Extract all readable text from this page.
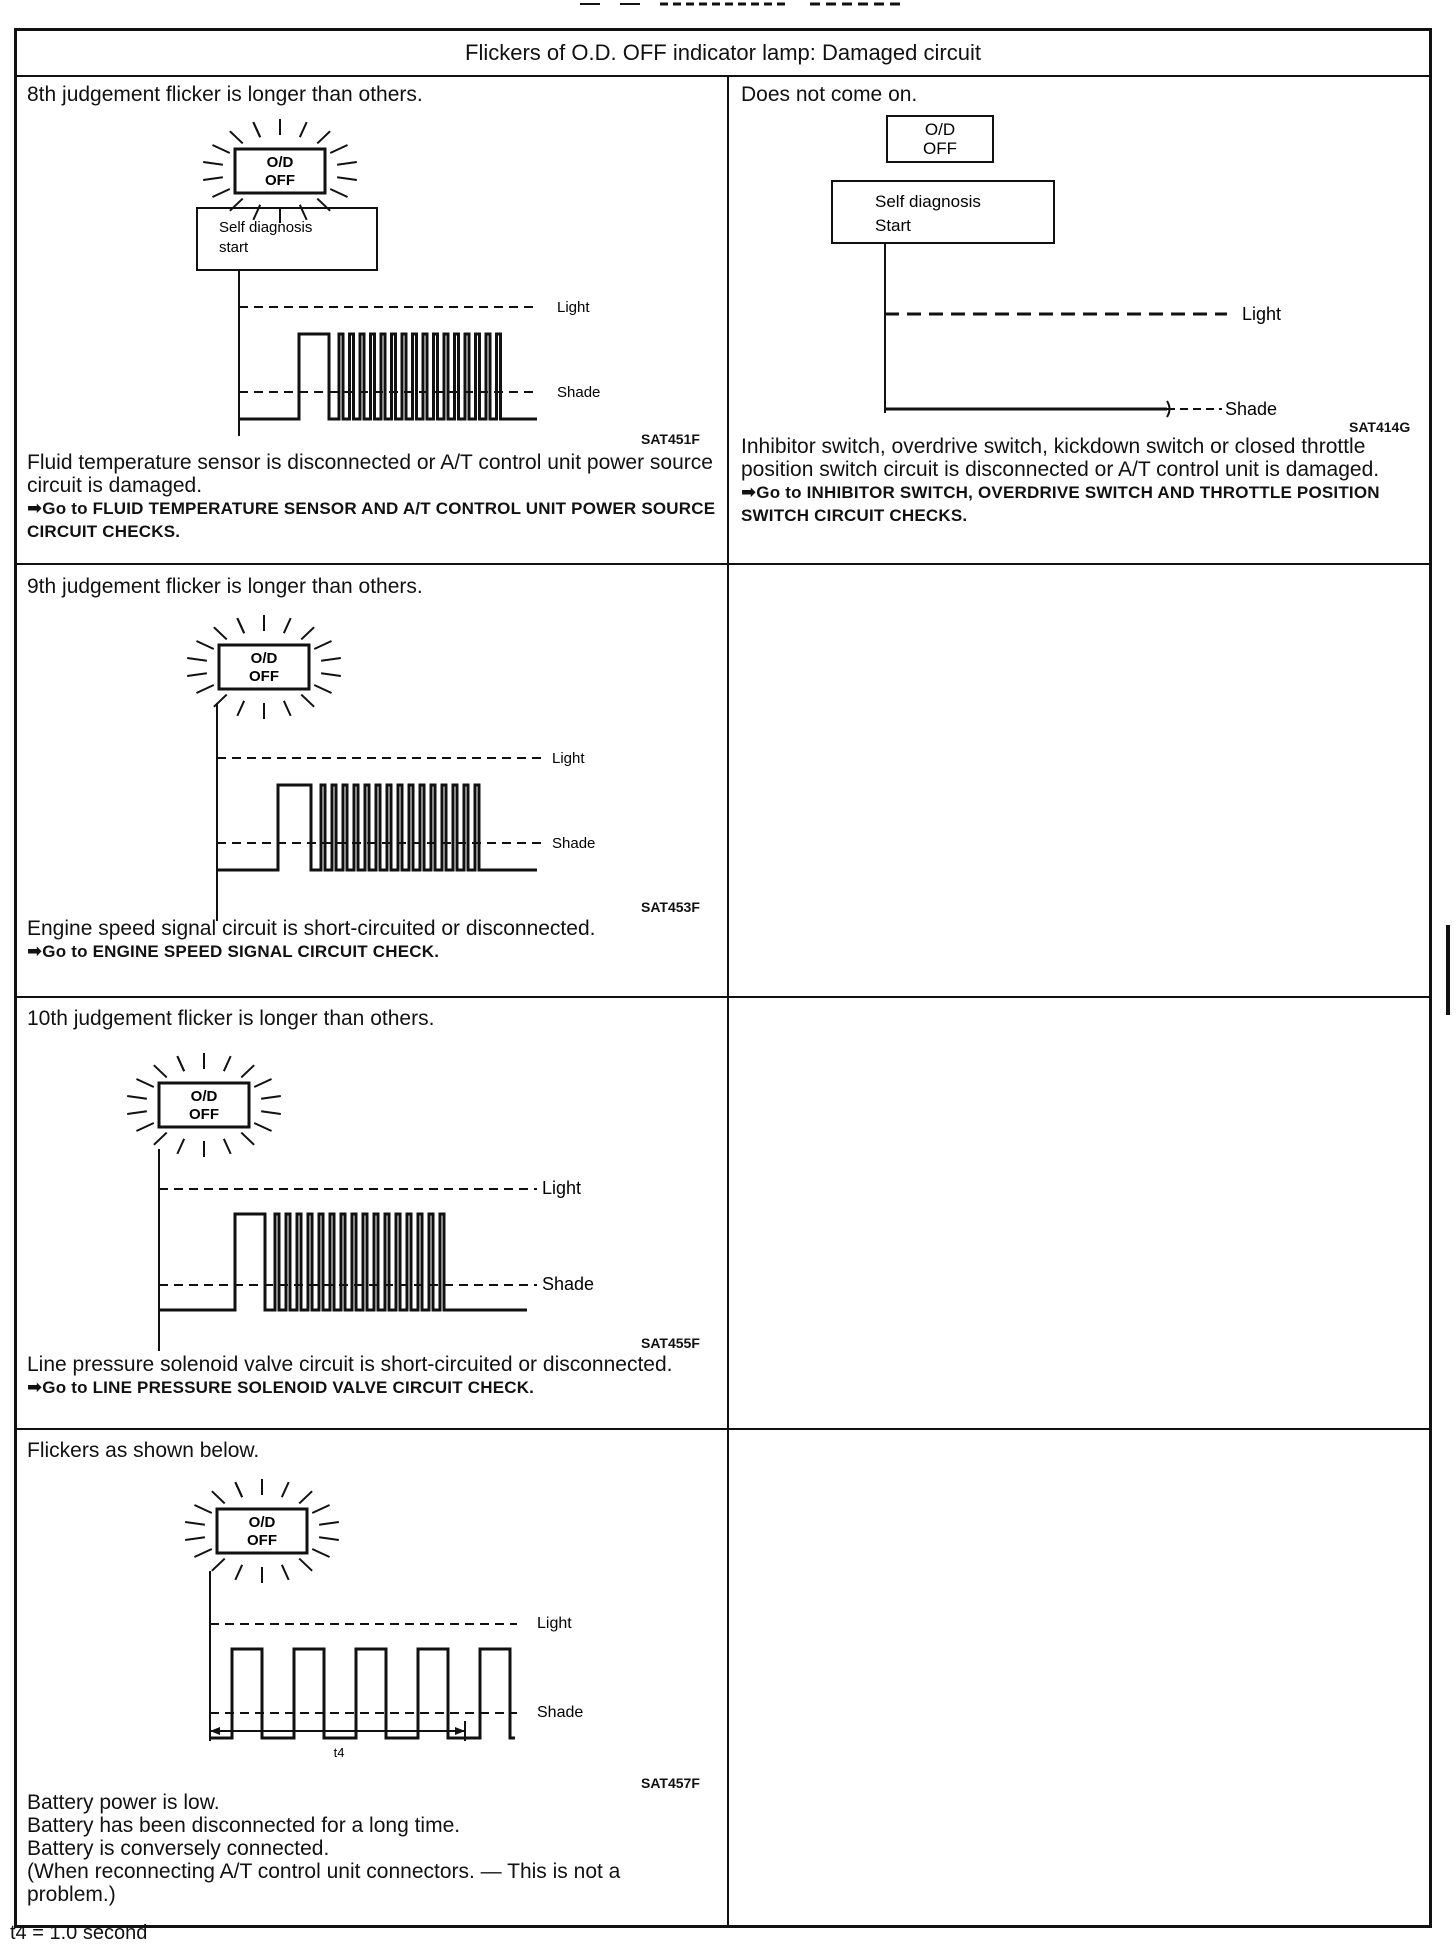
Flickers of O.D. OFF indicator lamp: Damaged circuit
8th judgement flicker is longer than others.
O/D
OFF
Self diagnosis
start
Light
Shade
SAT451F
Fluid temperature sensor is disconnected or A/T control unit power source circuit is damaged.
➡Go to FLUID TEMPERATURE SENSOR AND A/T CONTROL UNIT POWER SOURCE CIRCUIT CHECKS.
Does not come on.
O/D
OFF
Self diagnosis
Start
Light
Shade
SAT414G
Inhibitor switch, overdrive switch, kickdown switch or closed throttle position switch circuit is disconnected or A/T control unit is damaged.
➡Go to INHIBITOR SWITCH, OVERDRIVE SWITCH AND THROTTLE POSITION SWITCH CIRCUIT CHECKS.
9th judgement flicker is longer than others.
O/D
OFF
Light
Shade
SAT453F
Engine speed signal circuit is short-circuited or disconnected.
➡Go to ENGINE SPEED SIGNAL CIRCUIT CHECK.
10th judgement flicker is longer than others.
O/D
OFF
Light
Shade
SAT455F
Line pressure solenoid valve circuit is short-circuited or disconnected.
➡Go to LINE PRESSURE SOLENOID VALVE CIRCUIT CHECK.
Flickers as shown below.
O/D
OFF
Light
Shade
t4
SAT457F
Battery power is low.
Battery has been disconnected for a long time.
Battery is conversely connected.
(When reconnecting A/T control unit connectors. — This is not a problem.)
t4 = 1.0 second
